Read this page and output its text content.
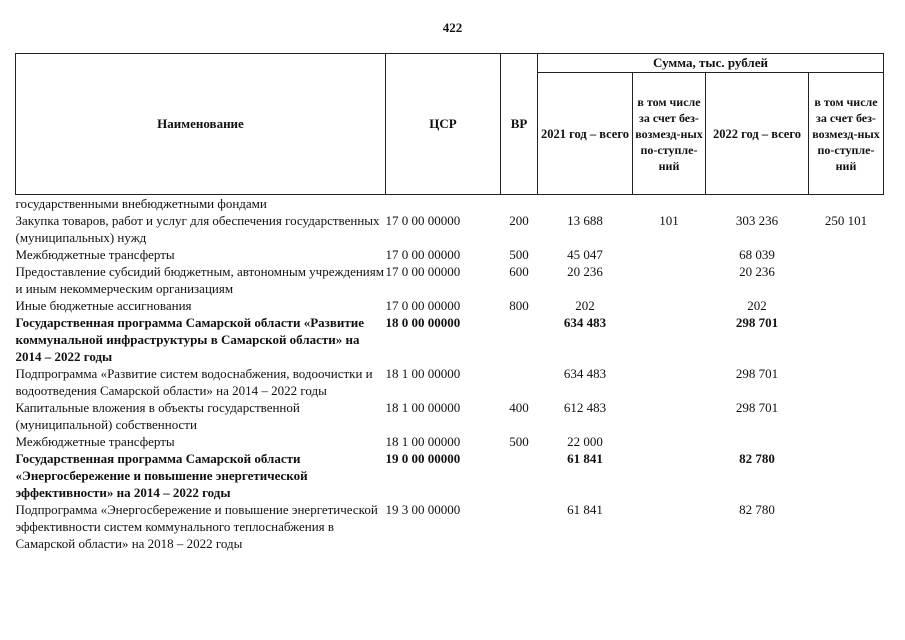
422
Наименование	ЦСР	ВР	Сумма, тыс. рублей			
			2021 год – всего	в том числе за счет без-возмезд-ных по-ступле-ний	2022 год – всего	в том числе за счет без-возмезд-ных по-ступле-ний
государственными внебюджетными фондами						
Закупка товаров, работ и услуг для обеспечения государственных (муниципальных) нужд	17 0 00 00000	200	13 688	101	303 236	250 101
Межбюджетные трансферты	17 0 00 00000	500	45 047		68 039	
Предоставление субсидий бюджетным, автономным учреждениям и иным некоммерческим организациям	17 0 00 00000	600	20 236		20 236	
Иные бюджетные ассигнования	17 0 00 00000	800	202		202	
Государственная программа Самарской области «Развитие коммунальной инфраструктуры в Самарской области» на 2014 – 2022 годы	18 0 00 00000		634 483		298 701	
Подпрограмма «Развитие систем водоснабжения, водоочистки и водоотведения Самарской области» на 2014 – 2022 годы	18 1 00 00000		634 483		298 701	
Капитальные вложения в объекты государственной (муниципальной) собственности	18 1 00 00000	400	612 483		298 701	
Межбюджетные трансферты	18 1 00 00000	500	22 000			
Государственная программа Самарской области «Энергосбережение и повышение энергетической эффективности» на 2014 – 2022 годы	19 0 00 00000		61 841		82 780	
Подпрограмма «Энергосбережение и повышение энергетической эффективности систем коммунального теплоснабжения в Самарской области» на 2018 – 2022 годы	19 3 00 00000		61 841		82 780	
